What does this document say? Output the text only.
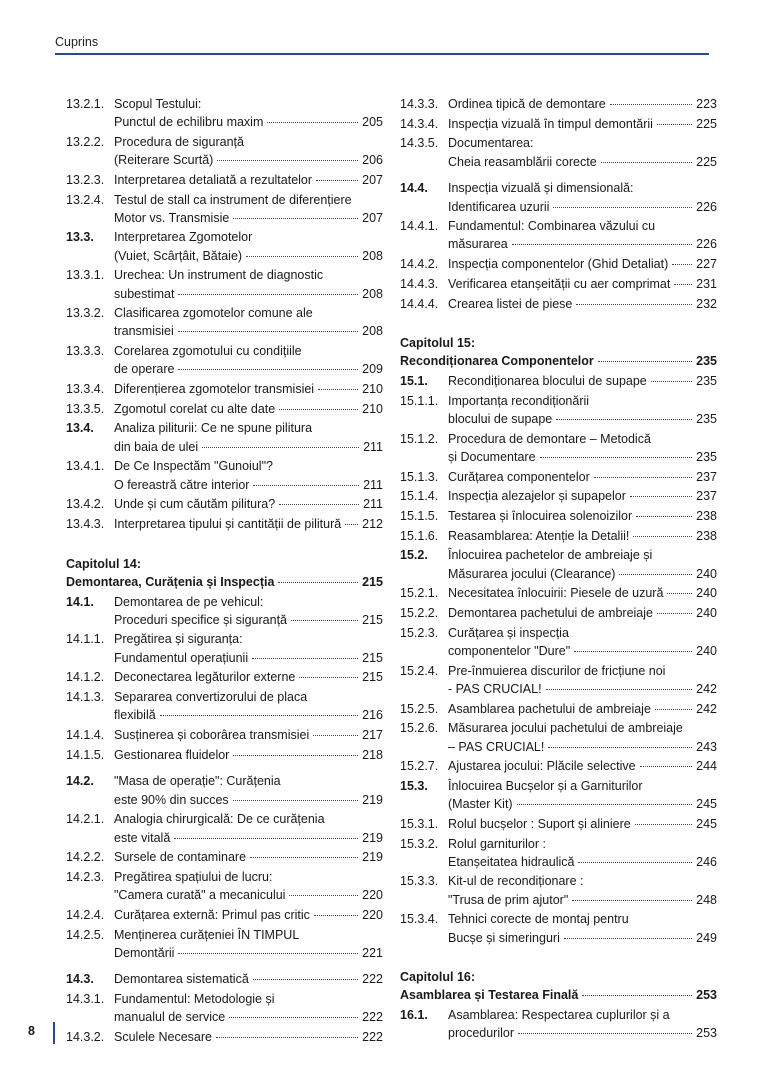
Cuprins
13.2.1. Scopul Testului:
Punctul de echilibru maxim	205
13.2.2. Procedura de siguranță
(Reiterare Scurtă)	206
13.2.3. Interpretarea detaliată a rezultatelor	207
13.2.4. Testul de stall ca instrument de diferențiere
Motor vs. Transmisie	207
13.3.	Interpretarea Zgomotelor
(Vuiet, Scârțâit, Bătaie)	208
13.3.1. Urechea: Un instrument de diagnostic
subestimat	208
13.3.2. Clasificarea zgomotelor comune ale
transmisiei	208
13.3.3. Corelarea zgomotului cu condițiile
de operare	209
13.3.4. Diferențierea zgomotelor transmisiei	210
13.3.5. Zgomotul corelat cu alte date	210
13.4.	Analiza piliturii: Ce ne spune pilitura
din baia de ulei	211
13.4.1. De Ce Inspectăm "Gunoiul"?
O fereastră către interior	211
13.4.2. Unde și cum căutăm pilitura?	211
13.4.3. Interpretarea tipului și cantității de pilitură 212
Capitolul 14:
Demontarea, Curățenia și Inspecția	215
14.1.	Demontarea de pe vehicul:
Proceduri specifice și siguranță	215
14.1.1. Pregătirea și siguranța:
Fundamentul operațiunii	215
14.1.2. Deconectarea legăturilor externe	215
14.1.3. Separarea convertizorului de placa
flexibilă	216
14.1.4. Susținerea și coborârea transmisiei	217
14.1.5. Gestionarea fluidelor	218
14.2.	"Masa de operație": Curățenia
este 90% din succes	219
14.2.1. Analogia chirurgicală: De ce curățenia
este vitală	219
14.2.2. Sursele de contaminare	219
14.2.3. Pregătirea spațiului de lucru:
"Camera curată" a mecanicului	220
14.2.4. Curățarea externă: Primul pas critic	220
14.2.5. Menținerea curățeniei ÎN TIMPUL
Demontării	221
14.3.	Demontarea sistematică	222
14.3.1. Fundamentul: Metodologie și
manualul de service	222
14.3.2. Sculele Necesare	222
14.3.3. Ordinea tipică de demontare	223
14.3.4. Inspecția vizuală în timpul demontării	225
14.3.5. Documentarea:
Cheia reasamblării corecte	225
14.4.	Inspecția vizuală și dimensională:
Identificarea uzurii	226
14.4.1. Fundamentul: Combinarea văzului cu
măsurarea	226
14.4.2. Inspecția componentelor (Ghid Detaliat) 227
14.4.3. Verificarea etanșeității cu aer comprimat 231
14.4.4. Crearea listei de piese	232
Capitolul 15:
Recondiționarea Componentelor	235
15.1.	Recondiționarea blocului de supape	235
15.1.1. Importanța recondiționării
blocului de supape	235
15.1.2. Procedura de demontare – Metodică
și Documentare	235
15.1.3. Curățarea componentelor	237
15.1.4. Inspecția alezajelor și supapelor	237
15.1.5. Testarea și înlocuirea solenoizilor	238
15.1.6. Reasamblarea: Atenție la Detalii!	238
15.2.	Înlocuirea pachetelor de ambreiaje și
Măsurarea jocului (Clearance)	240
15.2.1. Necesitatea înlocuirii: Piesele de uzură	240
15.2.2. Demontarea pachetului de ambreiaje	240
15.2.3. Curățarea și inspecția
componentelor "Dure"	240
15.2.4. Pre-înmuierea discurilor de fricțiune noi
- PAS CRUCIAL!	242
15.2.5. Asamblarea pachetului de ambreiaje	242
15.2.6. Măsurarea jocului pachetului de ambreiaje
– PAS CRUCIAL!	243
15.2.7. Ajustarea jocului: Plăcile selective	244
15.3.	Înlocuirea Bucșelor și a Garniturilor
(Master Kit)	245
15.3.1. Rolul bucșelor : Suport și aliniere	245
15.3.2. Rolul garniturilor :
Etanșeitatea hidraulică	246
15.3.3. Kit-ul de recondiționare :
"Trusa de prim ajutor"	248
15.3.4. Tehnici corecte de montaj pentru
Bucșe și simeringuri	249
Capitolul 16:
Asamblarea și Testarea Finală	253
16.1.	Asamblarea: Respectarea cuplurilor și a
procedurilor	253
8
